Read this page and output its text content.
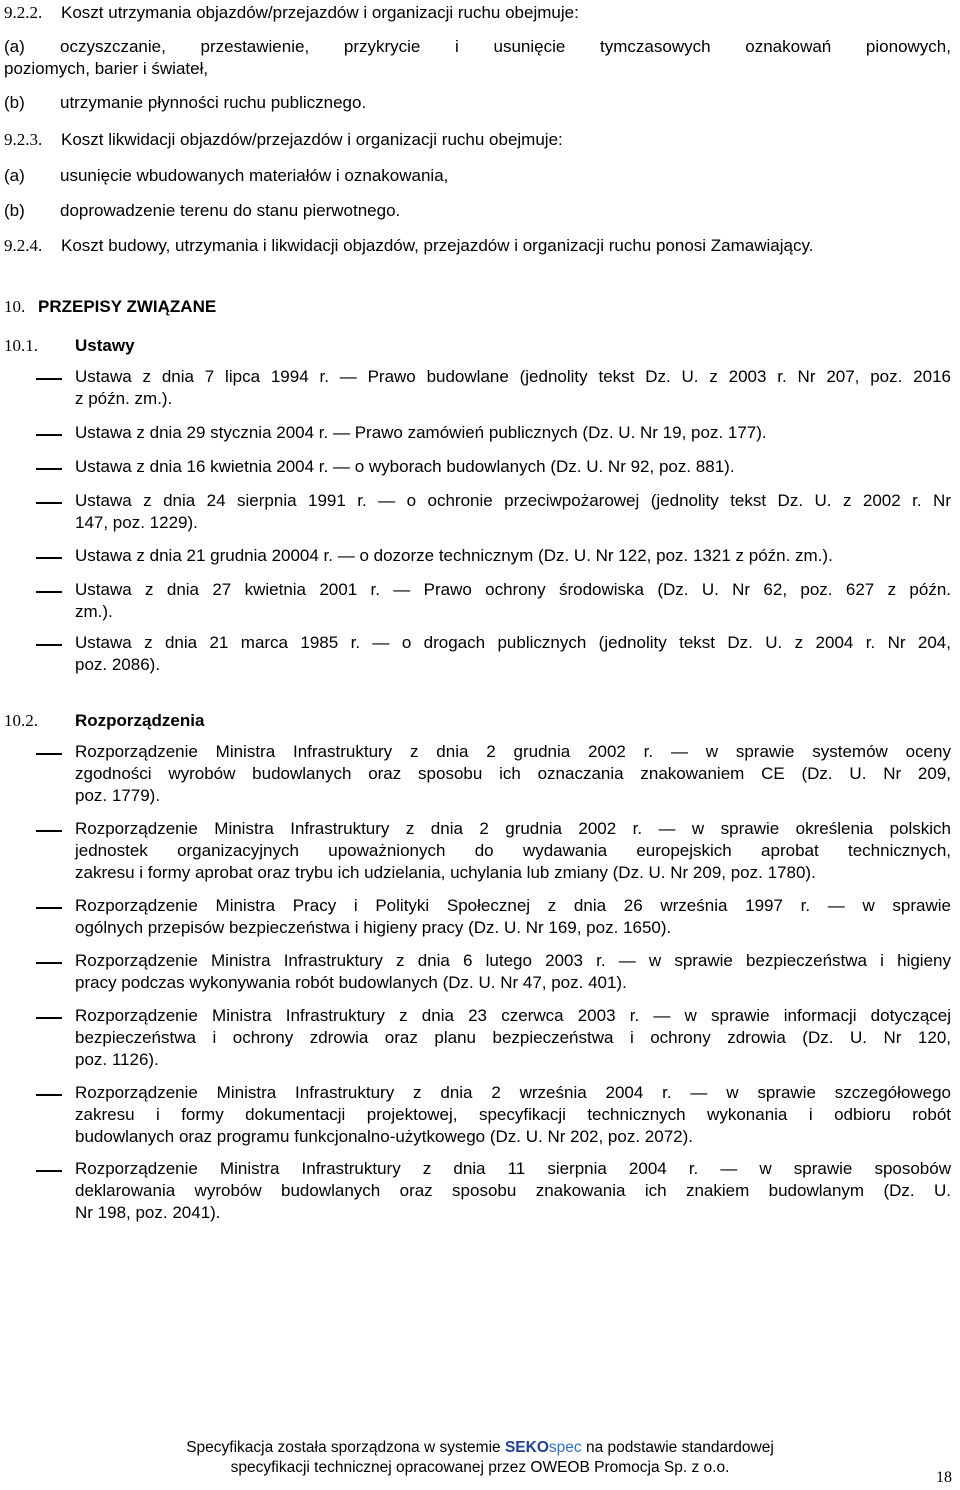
9.2.2. Koszt utrzymania objazdów/przejazdów i organizacji ruchu obejmuje:
(a) oczyszczanie, przestawienie, przykrycie i usunięcie tymczasowych oznakowań pionowych,
poziomych, barier i świateł,
(b) utrzymanie płynności ruchu publicznego.
9.2.3. Koszt likwidacji objazdów/przejazdów i organizacji ruchu obejmuje:
(a) usunięcie wbudowanych materiałów i oznakowania,
(b) doprowadzenie terenu do stanu pierwotnego.
9.2.4. Koszt budowy, utrzymania i likwidacji objazdów, przejazdów i organizacji ruchu ponosi Zamawiający.
10. PRZEPISY ZWIĄZANE
10.1. Ustawy
Ustawa z dnia 7 lipca 1994 r. — Prawo budowlane (jednolity tekst Dz. U. z 2003 r. Nr 207, poz. 2016
z późn. zm.).
Ustawa z dnia 29 stycznia 2004 r. — Prawo zamówień publicznych (Dz. U. Nr 19, poz. 177).
Ustawa z dnia 16 kwietnia 2004 r. — o wyborach budowlanych (Dz. U. Nr 92, poz. 881).
Ustawa z dnia 24 sierpnia 1991 r. — o ochronie przeciwpożarowej (jednolity tekst Dz. U. z 2002 r. Nr
147, poz. 1229).
Ustawa z dnia 21 grudnia 20004 r. — o dozorze technicznym (Dz. U. Nr 122, poz. 1321 z późn. zm.).
Ustawa z dnia 27 kwietnia 2001 r. — Prawo ochrony środowiska (Dz. U. Nr 62, poz. 627 z późn.
zm.).
Ustawa z dnia 21 marca 1985 r. — o drogach publicznych (jednolity tekst Dz. U. z 2004 r. Nr 204,
poz. 2086).
10.2. Rozporządzenia
Rozporządzenie Ministra Infrastruktury z dnia 2 grudnia 2002 r. — w sprawie systemów oceny
zgodności wyrobów budowlanych oraz sposobu ich oznaczania znakowaniem CE (Dz. U. Nr 209,
poz. 1779).
Rozporządzenie Ministra Infrastruktury z dnia 2 grudnia 2002 r. — w sprawie określenia polskich
jednostek organizacyjnych upoważnionych do wydawania europejskich aprobat technicznych,
zakresu i formy aprobat oraz trybu ich udzielania, uchylania lub zmiany (Dz. U. Nr 209, poz. 1780).
Rozporządzenie Ministra Pracy i Polityki Społecznej z dnia 26 września 1997 r. — w sprawie
ogólnych przepisów bezpieczeństwa i higieny pracy (Dz. U. Nr 169, poz. 1650).
Rozporządzenie Ministra Infrastruktury z dnia 6 lutego 2003 r. — w sprawie bezpieczeństwa i higieny
pracy podczas wykonywania robót budowlanych (Dz. U. Nr 47, poz. 401).
Rozporządzenie Ministra Infrastruktury z dnia 23 czerwca 2003 r. — w sprawie informacji dotyczącej
bezpieczeństwa i ochrony zdrowia oraz planu bezpieczeństwa i ochrony zdrowia (Dz. U. Nr 120,
poz. 1126).
Rozporządzenie Ministra Infrastruktury z dnia 2 września 2004 r. — w sprawie szczegółowego
zakresu i formy dokumentacji projektowej, specyfikacji technicznych wykonania i odbioru robót
budowlanych oraz programu funkcjonalno-użytkowego (Dz. U. Nr 202, poz. 2072).
Rozporządzenie Ministra Infrastruktury z dnia 11 sierpnia 2004 r. — w sprawie sposobów
deklarowania wyrobów budowlanych oraz sposobu znakowania ich znakiem budowlanym (Dz. U.
Nr 198, poz. 2041).
Specyfikacja została sporządzona w systemie SEKOspec na podstawie standardowej
specyfikacji technicznej opracowanej przez OWEOB Promocja Sp. z o.o.
18
